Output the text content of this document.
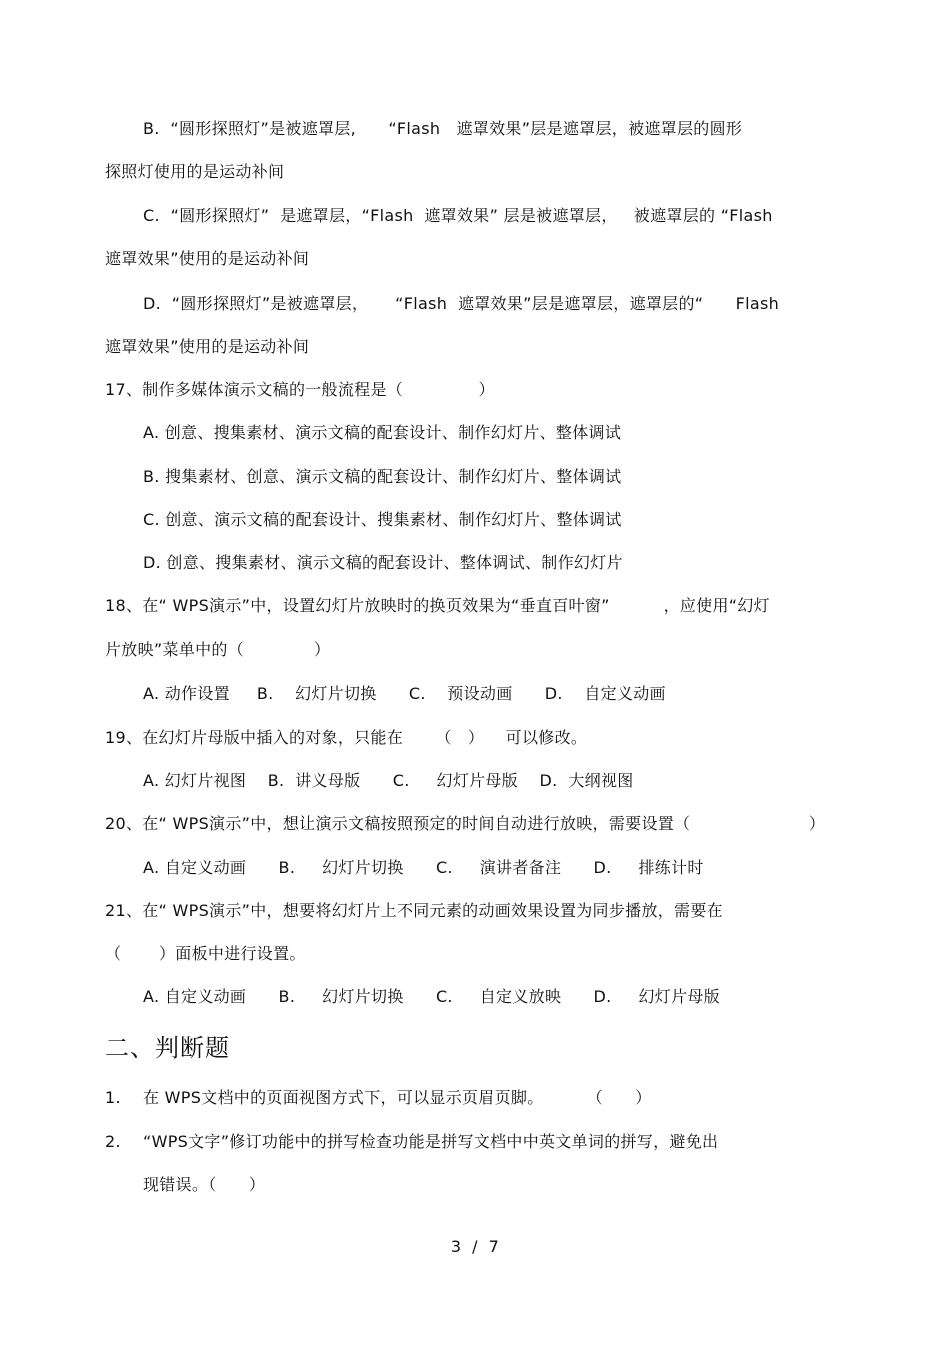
B.  “圆形探照灯”是被遮罩层,      “Flash   遮罩效果”层是遮罩层，被遮罩层的圆形
探照灯使用的是运动补间
C.  “圆形探照灯”  是遮罩层，“Flash  遮罩效果” 层是被遮罩层，   被遮罩层的 “Flash
遮罩效果”使用的是运动补间
D.  “圆形探照灯”是被遮罩层，     “Flash  遮罩效果”层是遮罩层，遮罩层的“      Flash
遮罩效果”使用的是运动补间
17、制作多媒体演示文稿的一般流程是（              ）
A. 创意、搜集素材、演示文稿的配套设计、制作幻灯片、整体调试
B. 搜集素材、创意、演示文稿的配套设计、制作幻灯片、整体调试
C. 创意、演示文稿的配套设计、搜集素材、制作幻灯片、整体调试
D. 创意、搜集素材、演示文稿的配套设计、整体调试、制作幻灯片
18、在“ WPS演示”中，设置幻灯片放映时的换页效果为“垂直百叶窗”          ，应使用“幻灯
片放映”菜单中的（             ）
A. 动作设置     B.    幻灯片切换      C.    预设动画      D.    自定义动画
19、在幻灯片母版中插入的对象，只能在      （   ）    可以修改。
A. 幻灯片视图    B.  讲义母版      C.     幻灯片母版    D.  大纲视图
20、在“ WPS演示”中，想让演示文稿按照预定的时间自动进行放映，需要设置（                      ）
A. 自定义动画      B.     幻灯片切换      C.     演讲者备注      D.     排练计时
21、在“ WPS演示”中，想要将幻灯片上不同元素的动画效果设置为同步播放，需要在
（       ）面板中进行设置。
A. 自定义动画      B.     幻灯片切换      C.     自定义放映      D.     幻灯片母版
二、判断题
1. 在 WPS文档中的页面视图方式下，可以显示页眉页脚。        （      ）
2. “WPS文字”修订功能中的拼写检查功能是拼写文档中中英文单词的拼写，避免出
现错误。（      ）
3  /  7
